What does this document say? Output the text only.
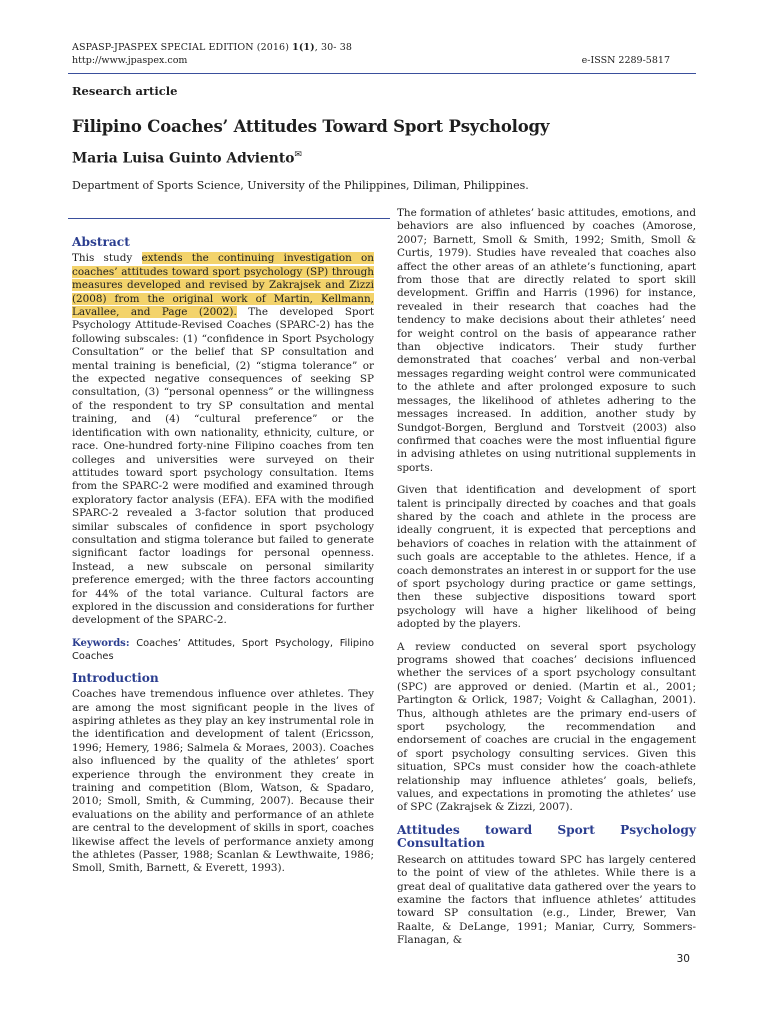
ASPASP-JPASPEX SPECIAL EDITION (2016) 1(1), 30- 38
http://www.jpaspex.com	e-ISSN 2289-5817
Research article
Filipino Coaches’ Attitudes Toward Sport Psychology
Maria Luisa Guinto Adviento✉
Department of Sports Science, University of the Philippines, Diliman, Philippines.
Abstract

This study extends the continuing investigation on coaches’ attitudes toward sport psychology (SP) through measures developed and revised by Zakrajsek and Zizzi (2008) from the original work of Martin, Kellmann, Lavallee, and Page (2002). The developed Sport Psychology Attitude-Revised Coaches (SPARC-2) has the following subscales: (1) “confidence in Sport Psychology Consultation” or the belief that SP consultation and mental training is beneficial, (2) “stigma tolerance” or the expected negative consequences of seeking SP consultation, (3) “personal openness” or the willingness of the respondent to try SP consultation and mental training, and (4) “cultural preference” or the identification with own nationality, ethnicity, culture, or race. One-hundred forty-nine Filipino coaches from ten colleges and universities were surveyed on their attitudes toward sport psychology consultation. Items from the SPARC-2 were modified and examined through exploratory factor analysis (EFA). EFA with the modified SPARC-2 revealed a 3-factor solution that produced similar subscales of confidence in sport psychology consultation and stigma tolerance but failed to generate significant factor loadings for personal openness. Instead, a new subscale on personal similarity preference emerged; with the three factors accounting for 44% of the total variance. Cultural factors are explored in the discussion and considerations for further development of the SPARC-2.

Keywords: Coaches’ Attitudes, Sport Psychology, Filipino Coaches

Introduction

Coaches have tremendous influence over athletes. They are among the most significant people in the lives of aspiring athletes as they play an key instrumental role in the identification and development of talent (Ericsson, 1996; Hemery, 1986; Salmela & Moraes, 2003). Coaches also influenced by the quality of the athletes’ sport experience through the environment they create in training and competition (Blom, Watson, & Spadaro, 2010; Smoll, Smith, & Cumming, 2007). Because their evaluations on the ability and performance of an athlete are central to the development of skills in sport, coaches likewise affect the levels of performance anxiety among the athletes (Passer, 1988; Scanlan & Lewthwaite, 1986; Smoll, Smith, Barnett, & Everett, 1993).

The formation of athletes’ basic attitudes, emotions, and behaviors are also influenced by coaches (Amorose, 2007; Barnett, Smoll & Smith, 1992; Smith, Smoll & Curtis, 1979). Studies have revealed that coaches also affect the other areas of an athlete’s functioning, apart from those that are directly related to sport skill development. Griffin and Harris (1996) for instance, revealed in their research that coaches had the tendency to make decisions about their athletes’ need for weight control on the basis of appearance rather than objective indicators. Their study further demonstrated that coaches’ verbal and non-verbal messages regarding weight control were communicated to the athlete and after prolonged exposure to such messages, the likelihood of athletes adhering to the messages increased. In addition, another study by Sundgot-Borgen, Berglund and Torstveit (2003) also confirmed that coaches were the most influential figure in advising athletes on using nutritional supplements in sports.

Given that identification and development of sport talent is principally directed by coaches and that goals shared by the coach and athlete in the process are ideally congruent, it is expected that perceptions and behaviors of coaches in relation with the attainment of such goals are acceptable to the athletes. Hence, if a coach demonstrates an interest in or support for the use of sport psychology during practice or game settings, then these subjective dispositions toward sport psychology will have a higher likelihood of being adopted by the players.

A review conducted on several sport psychology programs showed that coaches’ decisions influenced whether the services of a sport psychology consultant (SPC) are approved or denied. (Martin et al., 2001; Partington & Orlick, 1987; Voight & Callaghan, 2001). Thus, although athletes are the primary end-users of sport psychology, the recommendation and endorsement of coaches are crucial in the engagement of sport psychology consulting services. Given this situation, SPCs must consider how the coach-athlete relationship may influence athletes’ goals, beliefs, values, and expectations in promoting the athletes’ use of SPC (Zakrajsek & Zizzi, 2007).

Attitudes toward Sport Psychology Consultation

Research on attitudes toward SPC has largely centered to the point of view of the athletes. While there is a great deal of qualitative data gathered over the years to examine the factors that influence athletes’ attitudes toward SP consultation (e.g., Linder, Brewer, Van Raalte, & DeLange, 1991; Maniar, Curry, Sommers-Flanagan, &

30
